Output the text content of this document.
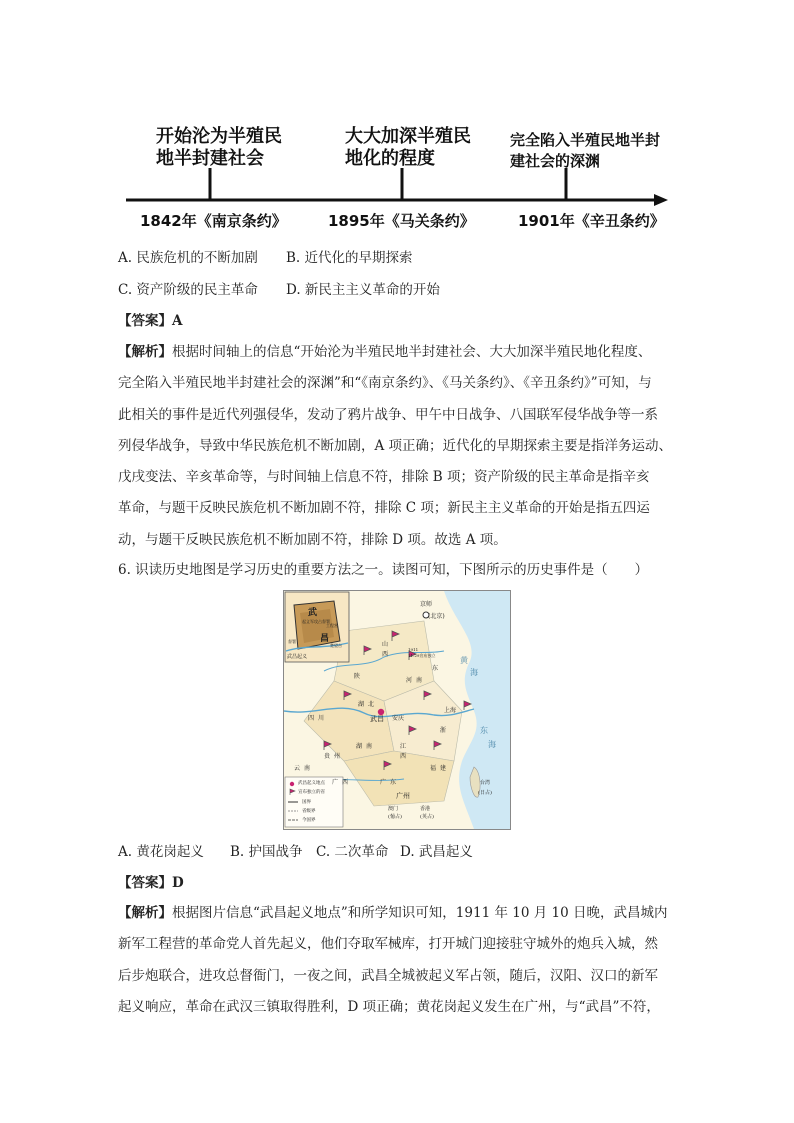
开始沦为半殖民
地半封建社会
大大加深半殖民
地化的程度
完全陷入半殖民地半封
建社会的深渊
1842年《南京条约》	1895年《马关条约》	1901年《辛丑条约》
A. 民族危机的不断加剧 B. 近代化的早期探索
C. 资产阶级的民主革命 D. 新民主主义革命的开始
【答案】A
【解析】根据时间轴上的信息“开始沦为半殖民地半封建社会、大大加深半殖民地化程度、
完全陷入半殖民地半封建社会的深渊”和“《南京条约》、《马关条约》、《辛丑条约》”可知，与
此相关的事件是近代列强侵华，发动了鸦片战争、甲午中日战争、八国联军侵华战争等一系
列侵华战争，导致中华民族危机不断加剧，A 项正确；近代化的早期探索主要是指洋务运动、
戊戌变法、辛亥革命等，与时间轴上信息不符，排除 B 项；资产阶级的民主革命是指辛亥
革命，与题干反映民族危机不断加剧不符，排除 C 项；新民主主义革命的开始是指五四运
动，与题干反映民族危机不断加剧不符，排除 D 项。故选 A 项。
6. 识读历史地图是学习历史的重要方法之一。读图可知，下图所示的历史事件是（　　）
武
昌
起义军攻占督署
工程营
楚望台
督署
武昌起义
京师
(北京)
武昌 安庆
上海
广州
澳门
(葡占)
香港
(英占)
台湾
(日占)
1911
11.29宣布独立
黄
海
东
海
山
西
河 南
湖 北
江
西
湖 南
浙
福 建
广 东
广 西
陕
四 川
贵 州
云 南
东
武昌起义地点
宣布独立的省
国界
省级界
今国界
A. 黄花岗起义 B. 护国战争 C. 二次革命 D. 武昌起义
【答案】D
【解析】根据图片信息“武昌起义地点”和所学知识可知，1911 年 10 月 10 日晚，武昌城内
新军工程营的革命党人首先起义，他们夺取军械库，打开城门迎接驻守城外的炮兵入城，然
后步炮联合，进攻总督衙门，一夜之间，武昌全城被起义军占领，随后，汉阳、汉口的新军
起义响应，革命在武汉三镇取得胜利，D 项正确；黄花岗起义发生在广州，与“武昌”不符，
